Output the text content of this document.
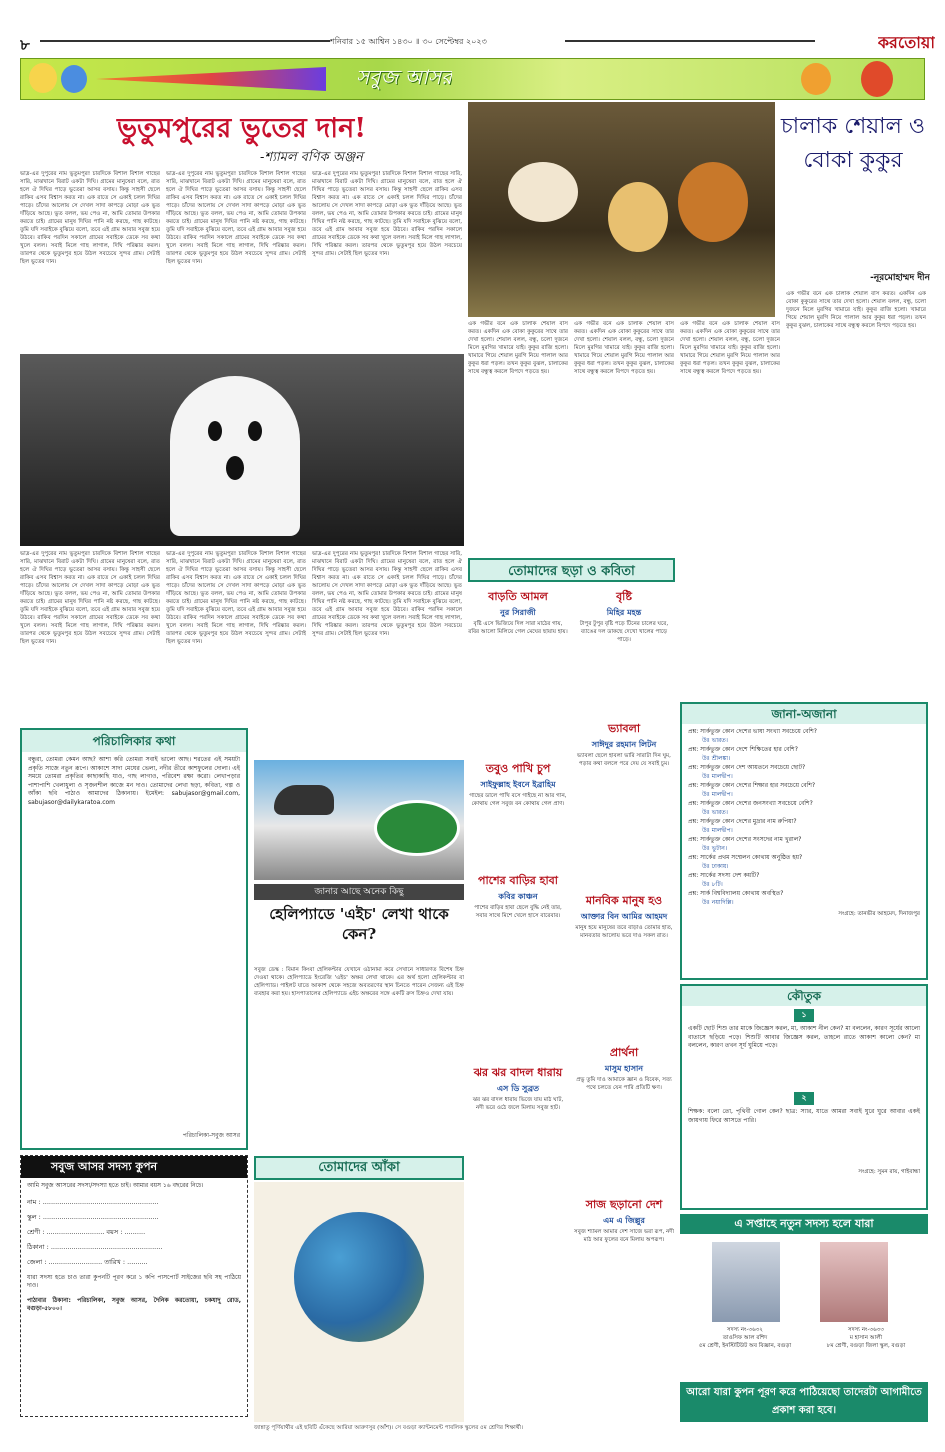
৮	শনিবার ১৫ আশ্বিন ১৪৩০ ॥ ৩০ সেপ্টেম্বর ২০২৩	করতোয়া
সবুজ আসর
ভুতুমপুরের ভুতের দান!
-শ্যামল বণিক অঞ্জন
ভাদ্র-এর দুপুরের নাম ভুতুমপুর! চারদিকে বিশাল বিশাল গাছের সারি, মাঝখানে বিরাট একটা দিঘি। গ্রামের মানুষেরা বলে, রাত হলে ঐ দিঘির পাড়ে ভুতেরা আসর বসায়। কিন্তু সাহসী ছেলে রাকিব এসব বিশ্বাস করত না। এক রাতে সে একাই চলল দিঘির পাড়ে। চাঁদের আলোয় সে দেখল সাদা কাপড়ে মোড়া এক ভুত দাঁড়িয়ে আছে। ভুত বলল, ভয় পেও না, আমি তোমার উপকার করতে চাই। গ্রামের মানুষ দিঘির পানি নষ্ট করছে, গাছ কাটছে। তুমি যদি সবাইকে বুঝিয়ে বলো, তবে এই গ্রাম আবার সবুজ হয়ে উঠবে। রাকিব পরদিন সকালে গ্রামের সবাইকে ডেকে সব কথা খুলে বলল। সবাই মিলে গাছ লাগাল, দিঘি পরিষ্কার করল। তারপর থেকে ভুতুমপুর হয়ে উঠল সবচেয়ে সুন্দর গ্রাম। সেটাই ছিল ভুতের দান।
ভাদ্র-এর দুপুরের নাম ভুতুমপুর! চারদিকে বিশাল বিশাল গাছের সারি, মাঝখানে বিরাট একটা দিঘি। গ্রামের মানুষেরা বলে, রাত হলে ঐ দিঘির পাড়ে ভুতেরা আসর বসায়। কিন্তু সাহসী ছেলে রাকিব এসব বিশ্বাস করত না। এক রাতে সে একাই চলল দিঘির পাড়ে। চাঁদের আলোয় সে দেখল সাদা কাপড়ে মোড়া এক ভুত দাঁড়িয়ে আছে। ভুত বলল, ভয় পেও না, আমি তোমার উপকার করতে চাই। গ্রামের মানুষ দিঘির পানি নষ্ট করছে, গাছ কাটছে। তুমি যদি সবাইকে বুঝিয়ে বলো, তবে এই গ্রাম আবার সবুজ হয়ে উঠবে। রাকিব পরদিন সকালে গ্রামের সবাইকে ডেকে সব কথা খুলে বলল। সবাই মিলে গাছ লাগাল, দিঘি পরিষ্কার করল। তারপর থেকে ভুতুমপুর হয়ে উঠল সবচেয়ে সুন্দর গ্রাম। সেটাই ছিল ভুতের দান।
ভাদ্র-এর দুপুরের নাম ভুতুমপুর! চারদিকে বিশাল বিশাল গাছের সারি, মাঝখানে বিরাট একটা দিঘি। গ্রামের মানুষেরা বলে, রাত হলে ঐ দিঘির পাড়ে ভুতেরা আসর বসায়। কিন্তু সাহসী ছেলে রাকিব এসব বিশ্বাস করত না। এক রাতে সে একাই চলল দিঘির পাড়ে। চাঁদের আলোয় সে দেখল সাদা কাপড়ে মোড়া এক ভুত দাঁড়িয়ে আছে। ভুত বলল, ভয় পেও না, আমি তোমার উপকার করতে চাই। গ্রামের মানুষ দিঘির পানি নষ্ট করছে, গাছ কাটছে। তুমি যদি সবাইকে বুঝিয়ে বলো, তবে এই গ্রাম আবার সবুজ হয়ে উঠবে। রাকিব পরদিন সকালে গ্রামের সবাইকে ডেকে সব কথা খুলে বলল। সবাই মিলে গাছ লাগাল, দিঘি পরিষ্কার করল। তারপর থেকে ভুতুমপুর হয়ে উঠল সবচেয়ে সুন্দর গ্রাম। সেটাই ছিল ভুতের দান।
ভাদ্র-এর দুপুরের নাম ভুতুমপুর! চারদিকে বিশাল বিশাল গাছের সারি, মাঝখানে বিরাট একটা দিঘি। গ্রামের মানুষেরা বলে, রাত হলে ঐ দিঘির পাড়ে ভুতেরা আসর বসায়। কিন্তু সাহসী ছেলে রাকিব এসব বিশ্বাস করত না। এক রাতে সে একাই চলল দিঘির পাড়ে। চাঁদের আলোয় সে দেখল সাদা কাপড়ে মোড়া এক ভুত দাঁড়িয়ে আছে। ভুত বলল, ভয় পেও না, আমি তোমার উপকার করতে চাই। গ্রামের মানুষ দিঘির পানি নষ্ট করছে, গাছ কাটছে। তুমি যদি সবাইকে বুঝিয়ে বলো, তবে এই গ্রাম আবার সবুজ হয়ে উঠবে। রাকিব পরদিন সকালে গ্রামের সবাইকে ডেকে সব কথা খুলে বলল। সবাই মিলে গাছ লাগাল, দিঘি পরিষ্কার করল। তারপর থেকে ভুতুমপুর হয়ে উঠল সবচেয়ে সুন্দর গ্রাম। সেটাই ছিল ভুতের দান।
ভাদ্র-এর দুপুরের নাম ভুতুমপুর! চারদিকে বিশাল বিশাল গাছের সারি, মাঝখানে বিরাট একটা দিঘি। গ্রামের মানুষেরা বলে, রাত হলে ঐ দিঘির পাড়ে ভুতেরা আসর বসায়। কিন্তু সাহসী ছেলে রাকিব এসব বিশ্বাস করত না। এক রাতে সে একাই চলল দিঘির পাড়ে। চাঁদের আলোয় সে দেখল সাদা কাপড়ে মোড়া এক ভুত দাঁড়িয়ে আছে। ভুত বলল, ভয় পেও না, আমি তোমার উপকার করতে চাই। গ্রামের মানুষ দিঘির পানি নষ্ট করছে, গাছ কাটছে। তুমি যদি সবাইকে বুঝিয়ে বলো, তবে এই গ্রাম আবার সবুজ হয়ে উঠবে। রাকিব পরদিন সকালে গ্রামের সবাইকে ডেকে সব কথা খুলে বলল। সবাই মিলে গাছ লাগাল, দিঘি পরিষ্কার করল। তারপর থেকে ভুতুমপুর হয়ে উঠল সবচেয়ে সুন্দর গ্রাম। সেটাই ছিল ভুতের দান।
ভাদ্র-এর দুপুরের নাম ভুতুমপুর! চারদিকে বিশাল বিশাল গাছের সারি, মাঝখানে বিরাট একটা দিঘি। গ্রামের মানুষেরা বলে, রাত হলে ঐ দিঘির পাড়ে ভুতেরা আসর বসায়। কিন্তু সাহসী ছেলে রাকিব এসব বিশ্বাস করত না। এক রাতে সে একাই চলল দিঘির পাড়ে। চাঁদের আলোয় সে দেখল সাদা কাপড়ে মোড়া এক ভুত দাঁড়িয়ে আছে। ভুত বলল, ভয় পেও না, আমি তোমার উপকার করতে চাই। গ্রামের মানুষ দিঘির পানি নষ্ট করছে, গাছ কাটছে। তুমি যদি সবাইকে বুঝিয়ে বলো, তবে এই গ্রাম আবার সবুজ হয়ে উঠবে। রাকিব পরদিন সকালে গ্রামের সবাইকে ডেকে সব কথা খুলে বলল। সবাই মিলে গাছ লাগাল, দিঘি পরিষ্কার করল। তারপর থেকে ভুতুমপুর হয়ে উঠল সবচেয়ে সুন্দর গ্রাম। সেটাই ছিল ভুতের দান।
চালাক শেয়াল ও বোকা কুকুর
-নূরমোহাম্মদ দীন
এক গভীর বনে এক চালাক শেয়াল বাস করত। একদিন এক বোকা কুকুরের সাথে তার দেখা হলো। শেয়াল বলল, বন্ধু, চলো দুজনে মিলে মুরগির খামারে যাই। কুকুর রাজি হলো। খামারে গিয়ে শেয়াল মুরগি নিয়ে পালাল আর কুকুর ধরা পড়ল। তখন কুকুর বুঝল, চালাকের সাথে বন্ধুত্ব করলে বিপদে পড়তে হয়।
এক গভীর বনে এক চালাক শেয়াল বাস করত। একদিন এক বোকা কুকুরের সাথে তার দেখা হলো। শেয়াল বলল, বন্ধু, চলো দুজনে মিলে মুরগির খামারে যাই। কুকুর রাজি হলো। খামারে গিয়ে শেয়াল মুরগি নিয়ে পালাল আর কুকুর ধরা পড়ল। তখন কুকুর বুঝল, চালাকের সাথে বন্ধুত্ব করলে বিপদে পড়তে হয়।
এক গভীর বনে এক চালাক শেয়াল বাস করত। একদিন এক বোকা কুকুরের সাথে তার দেখা হলো। শেয়াল বলল, বন্ধু, চলো দুজনে মিলে মুরগির খামারে যাই। কুকুর রাজি হলো। খামারে গিয়ে শেয়াল মুরগি নিয়ে পালাল আর কুকুর ধরা পড়ল। তখন কুকুর বুঝল, চালাকের সাথে বন্ধুত্ব করলে বিপদে পড়তে হয়।
এক গভীর বনে এক চালাক শেয়াল বাস করত। একদিন এক বোকা কুকুরের সাথে তার দেখা হলো। শেয়াল বলল, বন্ধু, চলো দুজনে মিলে মুরগির খামারে যাই। কুকুর রাজি হলো। খামারে গিয়ে শেয়াল মুরগি নিয়ে পালাল আর কুকুর ধরা পড়ল। তখন কুকুর বুঝল, চালাকের সাথে বন্ধুত্ব করলে বিপদে পড়তে হয়।
তোমাদের ছড়া ও কবিতা
বাড়তি আমল
নুর সিরাজী
বৃষ্টি এসে ভিজিয়ে দিল সারা মাঠের গায়, রবির আলো মিলিয়ে গেল মেঘের ছায়ায় হায়।
তবুও পাখি চুপ
সাইফুল্লাহ ইবনে ইব্রাহিম
গাছের ডালে পাখি বসে গাইছে না আর গান, কোথায় গেল সবুজ বন কোথায় গেল প্রাণ।
পাশের বাড়ির হাবা
কবির কাঞ্চন
পাশের বাড়ির হাবা ছেলে বুদ্ধি নেই তার, সবার সাথে মিশে খেলে হাসে বারেবার।
ঝর ঝর বাদল ধারায়
এস ডি সুব্রত
ঝর ঝর বাদল ধারায় ভিজে যায় মাঠ ঘাট, নদী ভরে ওঠে জলে মিলায় সবুজ হাট।
বৃষ্টি
মিহির মহন্ত
টাপুর টুপুর বৃষ্টি পড়ে টিনের চালের ঘরে, ব্যাঙের দল ডাকছে দেখো খালের পাড়ে পাড়ে।
ভ্যাবলা
সাঈদুর রহমান লিটন
ভ্যাবলা ছেলে হাবলা ভারি সারাটা দিন ঘুম, পড়ার কথা বললে পরে দেয় যে সবাই চুম।
মানবিক মানুষ হও
আক্তার বিন আমির আহমদ
মানুষ হয়ে মানুষের তরে বাড়াও তোমার হাত, মানবতার আলোয় ভরে দাও সকল রাত।
প্রার্থনা
মাসুম হাসান
প্রভু তুমি দাও আমাকে জ্ঞান ও বিবেক, সত্য পথে চলতে যেন পারি প্রতিটি ক্ষণ।
সাজ ছড়ানো দেশ
এম এ জিল্লুর
সবুজ শ্যামল আমার দেশ সাজে ভরা রূপ, নদী মাঠ আর ফুলের বনে মিলায় অপরূপ।
পরিচালিকার কথা
বন্ধুরা, তোমরা কেমন আছ? আশা করি তোমরা সবাই ভালো আছ। শরতের এই সময়টা প্রকৃতি সাজে নতুন রূপে। আকাশে সাদা মেঘের ভেলা, নদীর তীরে কাশফুলের দোলা। এই সময়ে তোমরা প্রকৃতির কাছাকাছি যাও, গাছ লাগাও, পরিবেশ রক্ষা করো। লেখাপড়ার পাশাপাশি খেলাধুলা ও সৃজনশীল কাজে মন দাও। তোমাদের লেখা ছড়া, কবিতা, গল্প ও আঁকা ছবি পাঠাও আমাদের ঠিকানায়। ইমেইল: sabujasor@gmail.com, sabujasor@dailykaratoa.com
পরিচালিকা-সবুজ আসর
জানার আছে অনেক কিছু
হেলিপ্যাডে 'এইচ' লেখা থাকে কেন?
সবুজ ডেস্ক : বিমান কিংবা হেলিকপ্টার যেখানে ওঠানামা করে সেখানে সাধারণত বিশেষ চিহ্ন দেওয়া থাকে। হেলিপ্যাডে ইংরেজি 'এইচ' অক্ষর লেখা থাকে। এর অর্থ হলো হেলিকপ্টার বা হেলিপ্যাড। পাইলট যাতে আকাশ থেকে সহজে অবতরণের স্থান চিনতে পারেন সেজন্য এই চিহ্ন ব্যবহার করা হয়। হাসপাতালের হেলিপ্যাডে এইচ অক্ষরের সঙ্গে একটি ক্রস চিহ্নও দেখা যায়।
তোমাদের আঁকা
জান্নাতু পূর্ণিয়ার্থীর এই ছবিটি এঁকেছে আরিয়া আরুণসুর (আঁশ)। সে বগুড়া ক্যান্টনমেন্ট পাবলিক স্কুলের ৫ম শ্রেণির শিক্ষার্থী।
সবুজ আসর সদস্য কুপন
আমি সবুজ আসরের সদস্য/সদস্যা হতে চাই। আমার বয়স ১৬ বছরের নিচে।
নাম : ........................................................
স্কুল : ........................................................
শ্রেণী : ............................ বয়স : ..........
ঠিকানা : ......................................................
জেলা : .......................... তারিখ : ..........
যারা সদস্য হতে চাও তারা কুপনটি পূরণ করে ১ কপি পাসপোর্ট সাইজের ছবি সহ পাঠিয়ে দাও।
পাঠাবার ঠিকানা: পরিচালিকা, সবুজ আসর, দৈনিক করতোয়া, চকযাদু রোড, বগুড়া-৫৮০০।
জানা-অজানা
প্রশ্ন: সার্কভুক্ত কোন দেশের ভাষা সংখ্যা সবচেয়ে বেশি?
উঃ ভারত।
প্রশ্ন: সার্কভুক্ত কোন দেশে শিক্ষিতের হার বেশি?
উঃ শ্রীলঙ্কা।
প্রশ্ন: সার্কভুক্ত কোন দেশ আয়তনে সবচেয়ে ছোট?
উঃ মালদ্বীপ।
প্রশ্ন: সার্কভুক্ত কোন দেশের শিক্ষার হার সবচেয়ে বেশি?
উঃ মালদ্বীপ।
প্রশ্ন: সার্কভুক্ত কোন দেশের জনসংখ্যা সবচেয়ে বেশি?
উঃ ভারত।
প্রশ্ন: সার্কভুক্ত কোন দেশের মুদ্রার নাম রুপিয়া?
উঃ মালদ্বীপ।
প্রশ্ন: সার্কভুক্ত কোন দেশের সংসদের নাম খুরাল?
উঃ ভুটান।
প্রশ্ন: সার্কের প্রথম সম্মেলন কোথায় অনুষ্ঠিত হয়?
উঃ ঢাকায়।
প্রশ্ন: সার্কের সদস্য দেশ কয়টি?
উঃ ৮টি।
প্রশ্ন: সার্ক বিশ্ববিদ্যালয় কোথায় অবস্থিত?
উঃ নয়াদিল্লি।
সংগ্রহে: তানভীর আহমেদ, দিনাজপুর
কৌতুক
১
একটি ছোট শিশু তার মাকে জিজ্ঞেস করল, মা, আকাশ নীল কেন? মা বললেন, কারণ সূর্যের আলো বাতাসে ছড়িয়ে পড়ে। শিশুটি আবার জিজ্ঞেস করল, তাহলে রাতে আকাশ কালো কেন? মা বললেন, কারণ তখন সূর্য ঘুমিয়ে পড়ে।
২
শিক্ষক: বলো তো, পৃথিবী গোল কেন? ছাত্র: স্যার, যাতে আমরা সবাই ঘুরে ঘুরে আবার একই জায়গায় ফিরে আসতে পারি।
সংগ্রহে: সুমন রায়, গাইবান্ধা
এ সপ্তাহে নতুন সদস্য হলে যারা
সদস্য নং-৩৬৩২
তাওসিফ আল রশিদ
৫ম শ্রেণী, ইনস্টিটিউট অব বিজ্ঞান, বগুড়া
সদস্য নং-৩৬৩৩
ম হাসান আলী
৮ম শ্রেণী, বগুড়া জিলা স্কুল, বগুড়া
আরো যারা কুপন পূরণ করে পাঠিয়েছো তাদেরটা আগামীতে প্রকাশ করা হবে।
